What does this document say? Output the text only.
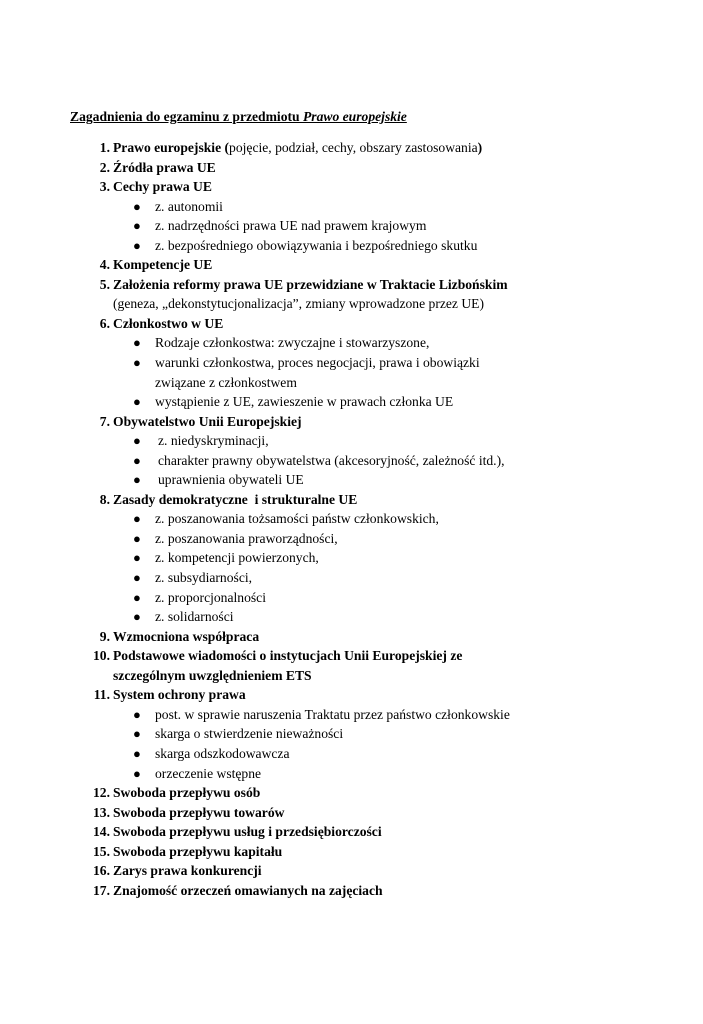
Zagadnienia do egzaminu z przedmiotu Prawo europejskie
1. Prawo europejskie (pojęcie, podział, cechy, obszary zastosowania)
2. Źródła prawa UE
3. Cechy prawa UE
● z. autonomii
● z. nadrzędności prawa UE nad prawem krajowym
● z. bezpośredniego obowiązywania i bezpośredniego skutku
4. Kompetencje UE
5. Założenia reformy prawa UE przewidziane w Traktacie Lizbońskim
(geneza, „dekonstytucjonalizacja”, zmiany wprowadzone przez UE)
6. Członkostwo w UE
● Rodzaje członkostwa: zwyczajne i stowarzyszone,
● warunki członkostwa, proces negocjacji, prawa i obowiązki
związane z członkostwem
● wystąpienie z UE, zawieszenie w prawach członka UE
7. Obywatelstwo Unii Europejskiej
● z. niedyskryminacji,
● charakter prawny obywatelstwa (akcesoryjność, zależność itd.),
● uprawnienia obywateli UE
8. Zasady demokratyczne  i strukturalne UE
● z. poszanowania tożsamości państw członkowskich,
● z. poszanowania praworządności,
● z. kompetencji powierzonych,
● z. subsydiarności,
● z. proporcjonalności
● z. solidarności
9. Wzmocniona współpraca
10. Podstawowe wiadomości o instytucjach Unii Europejskiej ze
szczególnym uwzględnieniem ETS
11. System ochrony prawa
● post. w sprawie naruszenia Traktatu przez państwo członkowskie
● skarga o stwierdzenie nieważności
● skarga odszkodowawcza
● orzeczenie wstępne
12. Swoboda przepływu osób
13. Swoboda przepływu towarów
14. Swoboda przepływu usług i przedsiębiorczości
15. Swoboda przepływu kapitału
16. Zarys prawa konkurencji
17. Znajomość orzeczeń omawianych na zajęciach
